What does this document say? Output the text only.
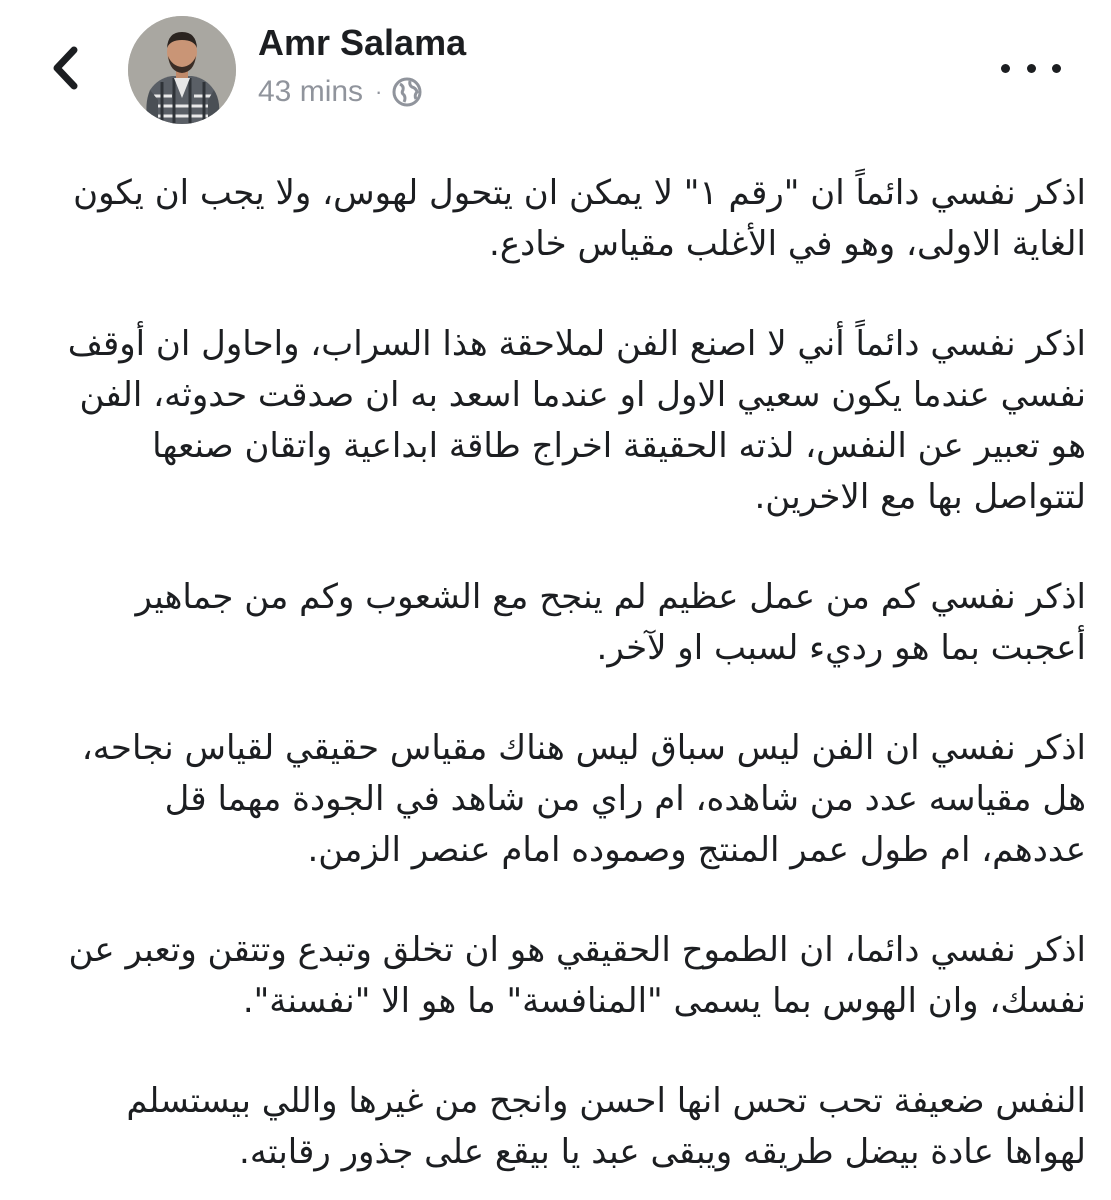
Amr Salama
43 mins ·

اذكر نفسي دائماً ان "رقم ١" لا يمكن ان يتحول لهوس، ولا يجب ان يكون الغاية الاولى، وهو في الأغلب مقياس خادع.

اذكر نفسي دائماً أني لا اصنع الفن لملاحقة هذا السراب، واحاول ان أوقف نفسي عندما يكون سعيي الاول او عندما اسعد به ان صدقت حدوثه، الفن هو تعبير عن النفس، لذته الحقيقة اخراج طاقة ابداعية واتقان صنعها لتتواصل بها مع الاخرين.

اذكر نفسي كم من عمل عظيم لم ينجح مع الشعوب وكم من جماهير أعجبت بما هو رديء لسبب او لآخر.

اذكر نفسي ان الفن ليس سباق ليس هناك مقياس حقيقي لقياس نجاحه، هل مقياسه عدد من شاهده، ام راي من شاهد في الجودة مهما قل عددهم، ام طول عمر المنتج وصموده امام عنصر الزمن.

اذكر نفسي دائما، ان الطموح الحقيقي هو ان تخلق وتبدع وتتقن وتعبر عن نفسك، وان الهوس بما يسمى "المنافسة" ما هو الا "نفسنة".

النفس ضعيفة تحب تحس انها احسن وانجح من غيرها واللي بيستسلم لهواها عادة بيضل طريقه ويبقى عبد يا بيقع على جذور رقابته.
